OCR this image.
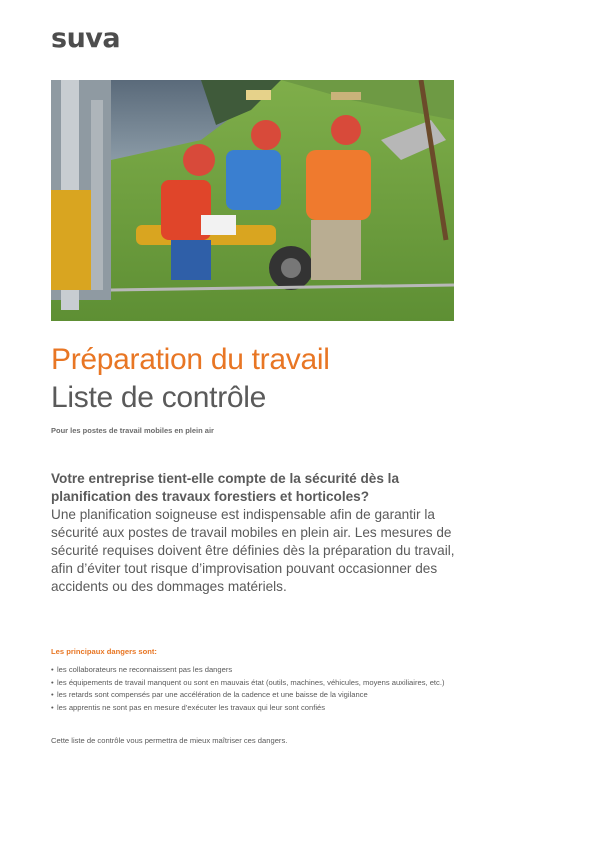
suva
Préparation du travail
Liste de contrôle
Pour les postes de travail mobiles en plein air
Votre entreprise tient-elle compte de la sécurité dès la planification des travaux forestiers et horticoles?
Une planification soigneuse est indispensable afin de garantir la sécurité aux postes de travail mobiles en plein air. Les mesures de sécurité requises doivent être définies dès la préparation du travail, afin d’éviter tout risque d’improvisation pouvant occasionner des accidents ou des dommages matériels.
Les principaux dangers sont:
• les collaborateurs ne reconnaissent pas les dangers
• les équipements de travail manquent ou sont en mauvais état (outils, machines, véhicules, moyens auxiliaires, etc.)
• les retards sont compensés par une accélération de la cadence et une baisse de la vigilance
• les apprentis ne sont pas en mesure d’exécuter les travaux qui leur sont confiés
Cette liste de contrôle vous permettra de mieux maîtriser ces dangers.
